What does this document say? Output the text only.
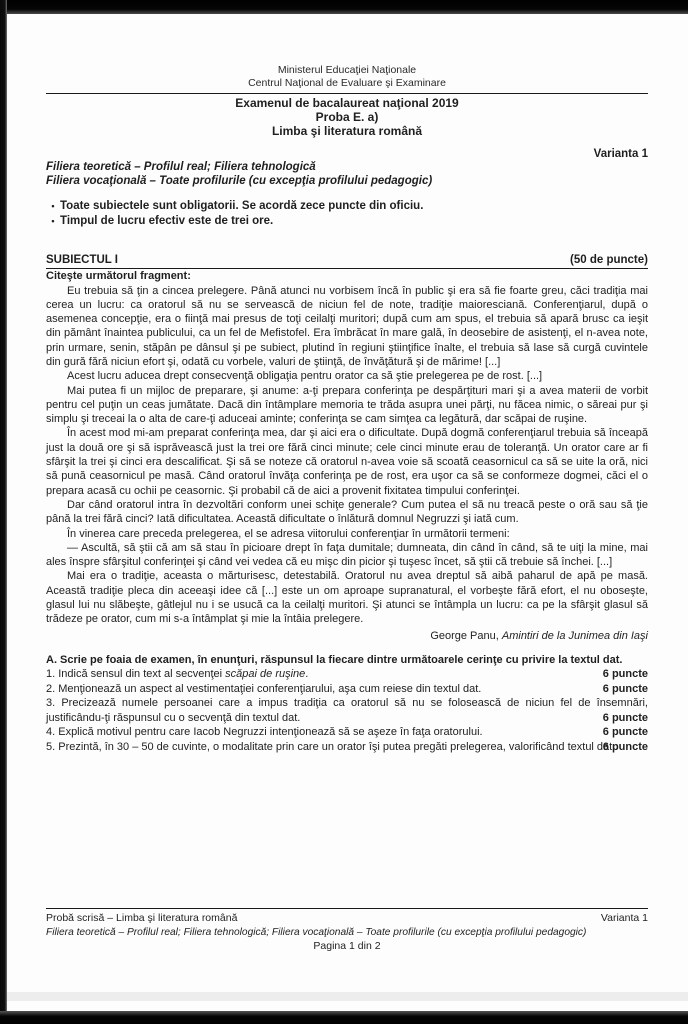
Ministerul Educaţiei Naţionale
Centrul Naţional de Evaluare şi Examinare
Examenul de bacalaureat naţional 2019
Proba E. a)
Limba şi literatura română
Varianta 1
Filiera teoretică – Profilul real; Filiera tehnologică
Filiera vocaţională – Toate profilurile (cu excepţia profilului pedagogic)
• Toate subiectele sunt obligatorii. Se acordă zece puncte din oficiu.
• Timpul de lucru efectiv este de trei ore.
SUBIECTUL I	(50 de puncte)
Citeşte următorul fragment:

Eu trebuia să ţin a cincea prelegere. Până atunci nu vorbisem încă în public şi era să fie foarte greu, căci tradiţia mai cerea un lucru: ca oratorul să nu se servească de niciun fel de note, tradiţie maioresciană. Conferenţiarul, după o asemenea concepţie, era o fiinţă mai presus de toţi ceilalţi muritori; după cum am spus, el trebuia să apară brusc ca ieşit din pământ înaintea publicului, ca un fel de Mefistofel. Era îmbrăcat în mare gală, în deosebire de asistenţi, el n-avea note, prin urmare, senin, stăpân pe dânsul şi pe subiect, plutind în regiuni ştiinţifice înalte, el trebuia să lase să curgă cuvintele din gură fără niciun efort şi, odată cu vorbele, valuri de ştiinţă, de învăţătură şi de mărime! [...]

Acest lucru aducea drept consecvenţă obligaţia pentru orator ca să ştie prelegerea pe de rost. [...]

Mai putea fi un mijloc de preparare, şi anume: a-ţi prepara conferinţa pe despărţituri mari şi a avea materii de vorbit pentru cel puţin un ceas jumătate. Dacă din întâmplare memoria te trăda asupra unei părţi, nu făcea nimic, o săreai pur şi simplu şi treceai la o alta de care-ţi aduceai aminte; conferinţa se cam simţea ca legătură, dar scăpai de ruşine.

În acest mod mi-am preparat conferinţa mea, dar şi aici era o dificultate. După dogmă conferenţiarul trebuia să înceapă just la două ore şi să isprăvească just la trei ore fără cinci minute; cele cinci minute erau de toleranţă. Un orator care ar fi sfârşit la trei şi cinci era descalificat. Şi să se noteze că oratorul n-avea voie să scoată ceasornicul ca să se uite la oră, nici să pună ceasornicul pe masă. Când oratorul învăţa conferinţa pe de rost, era uşor ca să se conformeze dogmei, căci el o prepara acasă cu ochii pe ceasornic. Şi probabil că de aici a provenit fixitatea timpului conferinţei.

Dar când oratorul intra în dezvoltări conform unei schiţe generale? Cum putea el să nu treacă peste o oră sau să ţie până la trei fără cinci? Iată dificultatea. Această dificultate o înlătură domnul Negruzzi şi iată cum.

În vinerea care preceda prelegerea, el se adresa viitorului conferenţiar în următorii termeni:

— Ascultă, să ştii că am să stau în picioare drept în faţa dumitale; dumneata, din când în când, să te uiţi la mine, mai ales înspre sfârşitul conferinţei şi când vei vedea că eu mişc din picior şi tuşesc încet, să ştii că trebuie să închei. [...]

Mai era o tradiţie, aceasta o mărturisesc, detestabilă. Oratorul nu avea dreptul să aibă paharul de apă pe masă. Această tradiţie pleca din aceeaşi idee că [...] este un om aproape supranatural, el vorbeşte fără efort, el nu oboseşte, glasul lui nu slăbeşte, gâtlejul nu i se usucă ca la ceilalţi muritori. Şi atunci se întâmpla un lucru: ca pe la sfârşit glasul să trădeze pe orator, cum mi s-a întâmplat şi mie la întâia prelegere.

George Panu, Amintiri de la Junimea din Iaşi

A. Scrie pe foaia de examen, în enunţuri, răspunsul la fiecare dintre următoarele cerinţe cu privire la textul dat.

1. Indică sensul din text al secvenţei scăpai de ruşine.	6 puncte
2. Menţionează un aspect al vestimentaţiei conferenţiarului, aşa cum reiese din textul dat.	6 puncte
3. Precizează numele persoanei care a impus tradiţia ca oratorul să nu se folosească de niciun fel de însemnări, justificându-ţi răspunsul cu o secvenţă din textul dat.	6 puncte
4. Explică motivul pentru care Iacob Negruzzi intenţionează să se aşeze în faţa oratorului.	6 puncte
5. Prezintă, în 30 – 50 de cuvinte, o modalitate prin care un orator îşi putea pregăti prelegerea, valorificând textul dat.
6 puncte
Probă scrisă – Limba şi literatura română	Varianta 1
Filiera teoretică – Profilul real; Filiera tehnologică; Filiera vocaţională – Toate profilurile (cu excepţia profilului pedagogic)
Pagina 1 din 2
